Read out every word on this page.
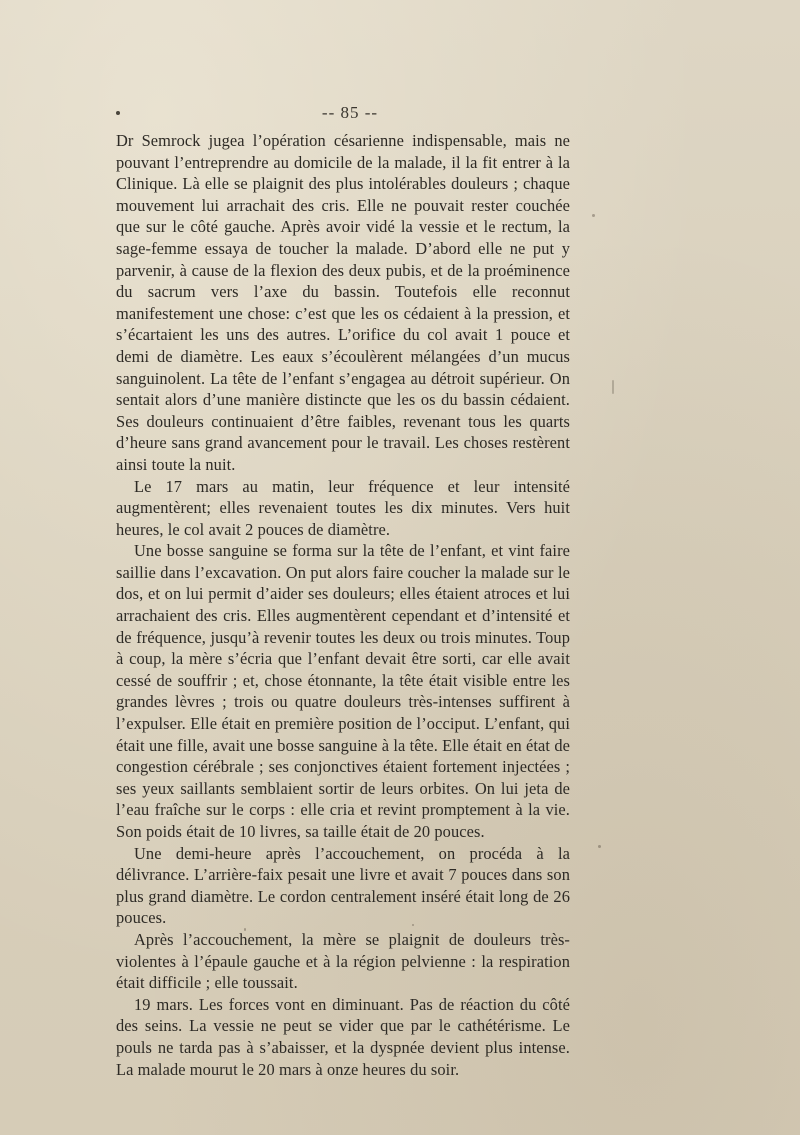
-- 85 --

Dr Semrock jugea l’opération césarienne indispensable, mais ne pouvant l’entreprendre au domicile de la malade, il la fit entrer à la Clinique. Là elle se plaignit des plus intolérables douleurs ; chaque mouvement lui arrachait des cris. Elle ne pouvait rester couchée que sur le côté gauche. Après avoir vidé la vessie et le rectum, la sage-femme essaya de toucher la malade. D’abord elle ne put y parvenir, à cause de la flexion des deux pubis, et de la proéminence du sacrum vers l’axe du bassin. Toutefois elle reconnut manifestement une chose: c’est que les os cédaient à la pression, et s’écartaient les uns des autres. L’orifice du col avait 1 pouce et demi de diamètre. Les eaux s’écoulèrent mélangées d’un mucus sanguinolent. La tête de l’enfant s’engagea au détroit supérieur. On sentait alors d’une manière distincte que les os du bassin cédaient. Ses douleurs continuaient d’être faibles, revenant tous les quarts d’heure sans grand avancement pour le travail. Les choses restèrent ainsi toute la nuit.

Le 17 mars au matin, leur fréquence et leur intensité augmentèrent; elles revenaient toutes les dix minutes. Vers huit heures, le col avait 2 pouces de diamètre.

Une bosse sanguine se forma sur la tête de l’enfant, et vint faire saillie dans l’excavation. On put alors faire coucher la malade sur le dos, et on lui permit d’aider ses douleurs; elles étaient atroces et lui arrachaient des cris. Elles augmentèrent cependant et d’intensité et de fréquence, jusqu’à revenir toutes les deux ou trois minutes. Toup à coup, la mère s’écria que l’enfant devait être sorti, car elle avait cessé de souffrir ; et, chose étonnante, la tête était visible entre les grandes lèvres ; trois ou quatre douleurs très-intenses suffirent à l’expulser. Elle était en première position de l’occiput. L’enfant, qui était une fille, avait une bosse sanguine à la tête. Elle était en état de congestion cérébrale ; ses conjonctives étaient fortement injectées ; ses yeux saillants semblaient sortir de leurs orbites. On lui jeta de l’eau fraîche sur le corps : elle cria et revint promptement à la vie. Son poids était de 10 livres, sa taille était de 20 pouces.

Une demi-heure après l’accouchement, on procéda à la délivrance. L’arrière-faix pesait une livre et avait 7 pouces dans son plus grand diamètre. Le cordon centralement inséré était long de 26 pouces.

Après l’accouchement, la mère se plaignit de douleurs très-violentes à l’épaule gauche et à la région pelvienne : la respiration était difficile ; elle toussait.

19 mars. Les forces vont en diminuant. Pas de réaction du côté des seins. La vessie ne peut se vider que par le cathétérisme. Le pouls ne tarda pas à s’abaisser, et la dyspnée devient plus intense. La malade mourut le 20 mars à onze heures du soir.
